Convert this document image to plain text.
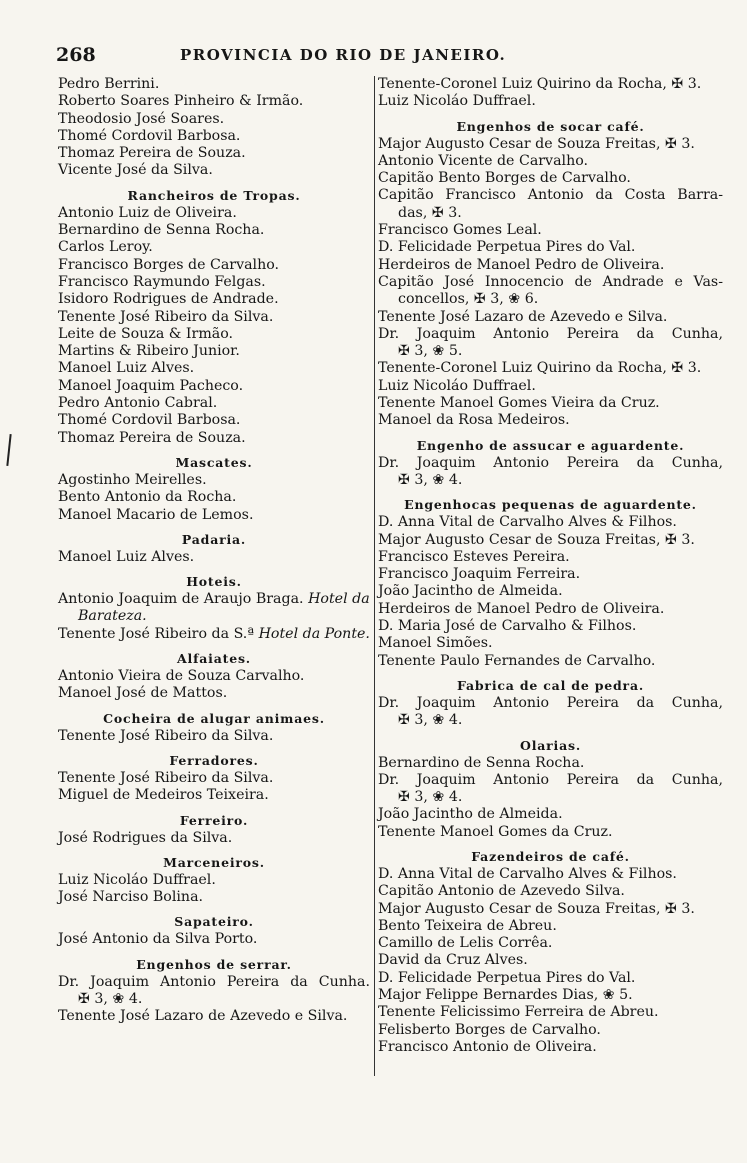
268	PROVINCIA DO RIO DE JANEIRO.
Pedro Berrini.
Roberto Soares Pinheiro & Irmão.
Theodosio José Soares.
Thomé Cordovil Barbosa.
Thomaz Pereira de Souza.
Vicente José da Silva.
Rancheiros de Tropas.
Antonio Luiz de Oliveira.
Bernardino de Senna Rocha.
Carlos Leroy.
Francisco Borges de Carvalho.
Francisco Raymundo Felgas.
Isidoro Rodrigues de Andrade.
Tenente José Ribeiro da Silva.
Leite de Souza & Irmão.
Martins & Ribeiro Junior.
Manoel Luiz Alves.
Manoel Joaquim Pacheco.
Pedro Antonio Cabral.
Thomé Cordovil Barbosa.
Thomaz Pereira de Souza.
Mascates.
Agostinho Meirelles.
Bento Antonio da Rocha.
Manoel Macario de Lemos.
Padaria.
Manoel Luiz Alves.
Hoteis.
Antonio Joaquim de Araujo Braga. Hotel da
Barateza.
Tenente José Ribeiro da S.ª Hotel da Ponte.
Alfaiates.
Antonio Vieira de Souza Carvalho.
Manoel José de Mattos.
Cocheira de alugar animaes.
Tenente José Ribeiro da Silva.
Ferradores.
Tenente José Ribeiro da Silva.
Miguel de Medeiros Teixeira.
Ferreiro.
José Rodrigues da Silva.
Marceneiros.
Luiz Nicoláo Duffrael.
José Narciso Bolina.
Sapateiro.
José Antonio da Silva Porto.
Engenhos de serrar.
Dr. Joaquim Antonio Pereira da Cunha.
✠ 3, ❀ 4.
Tenente José Lazaro de Azevedo e Silva.
Tenente-Coronel Luiz Quirino da Rocha, ✠ 3.
Luiz Nicoláo Duffrael.
Engenhos de socar café.
Major Augusto Cesar de Souza Freitas, ✠ 3.
Antonio Vicente de Carvalho.
Capitão Bento Borges de Carvalho.
Capitão Francisco Antonio da Costa Barra-
das, ✠ 3.
Francisco Gomes Leal.
D. Felicidade Perpetua Pires do Val.
Herdeiros de Manoel Pedro de Oliveira.
Capitão José Innocencio de Andrade e Vas-
concellos, ✠ 3, ❀ 6.
Tenente José Lazaro de Azevedo e Silva.
Dr. Joaquim Antonio Pereira da Cunha,
✠ 3, ❀ 5.
Tenente-Coronel Luiz Quirino da Rocha, ✠ 3.
Luiz Nicoláo Duffrael.
Tenente Manoel Gomes Vieira da Cruz.
Manoel da Rosa Medeiros.
Engenho de assucar e aguardente.
Dr. Joaquim Antonio Pereira da Cunha,
✠ 3, ❀ 4.
Engenhocas pequenas de aguardente.
D. Anna Vital de Carvalho Alves & Filhos.
Major Augusto Cesar de Souza Freitas, ✠ 3.
Francisco Esteves Pereira.
Francisco Joaquim Ferreira.
João Jacintho de Almeida.
Herdeiros de Manoel Pedro de Oliveira.
D. Maria José de Carvalho & Filhos.
Manoel Simões.
Tenente Paulo Fernandes de Carvalho.
Fabrica de cal de pedra.
Dr. Joaquim Antonio Pereira da Cunha,
✠ 3, ❀ 4.
Olarias.
Bernardino de Senna Rocha.
Dr. Joaquim Antonio Pereira da Cunha,
✠ 3, ❀ 4.
João Jacintho de Almeida.
Tenente Manoel Gomes da Cruz.
Fazendeiros de café.
D. Anna Vital de Carvalho Alves & Filhos.
Capitão Antonio de Azevedo Silva.
Major Augusto Cesar de Souza Freitas, ✠ 3.
Bento Teixeira de Abreu.
Camillo de Lelis Corrêa.
David da Cruz Alves.
D. Felicidade Perpetua Pires do Val.
Major Felippe Bernardes Dias, ❀ 5.
Tenente Felicissimo Ferreira de Abreu.
Felisberto Borges de Carvalho.
Francisco Antonio de Oliveira.
